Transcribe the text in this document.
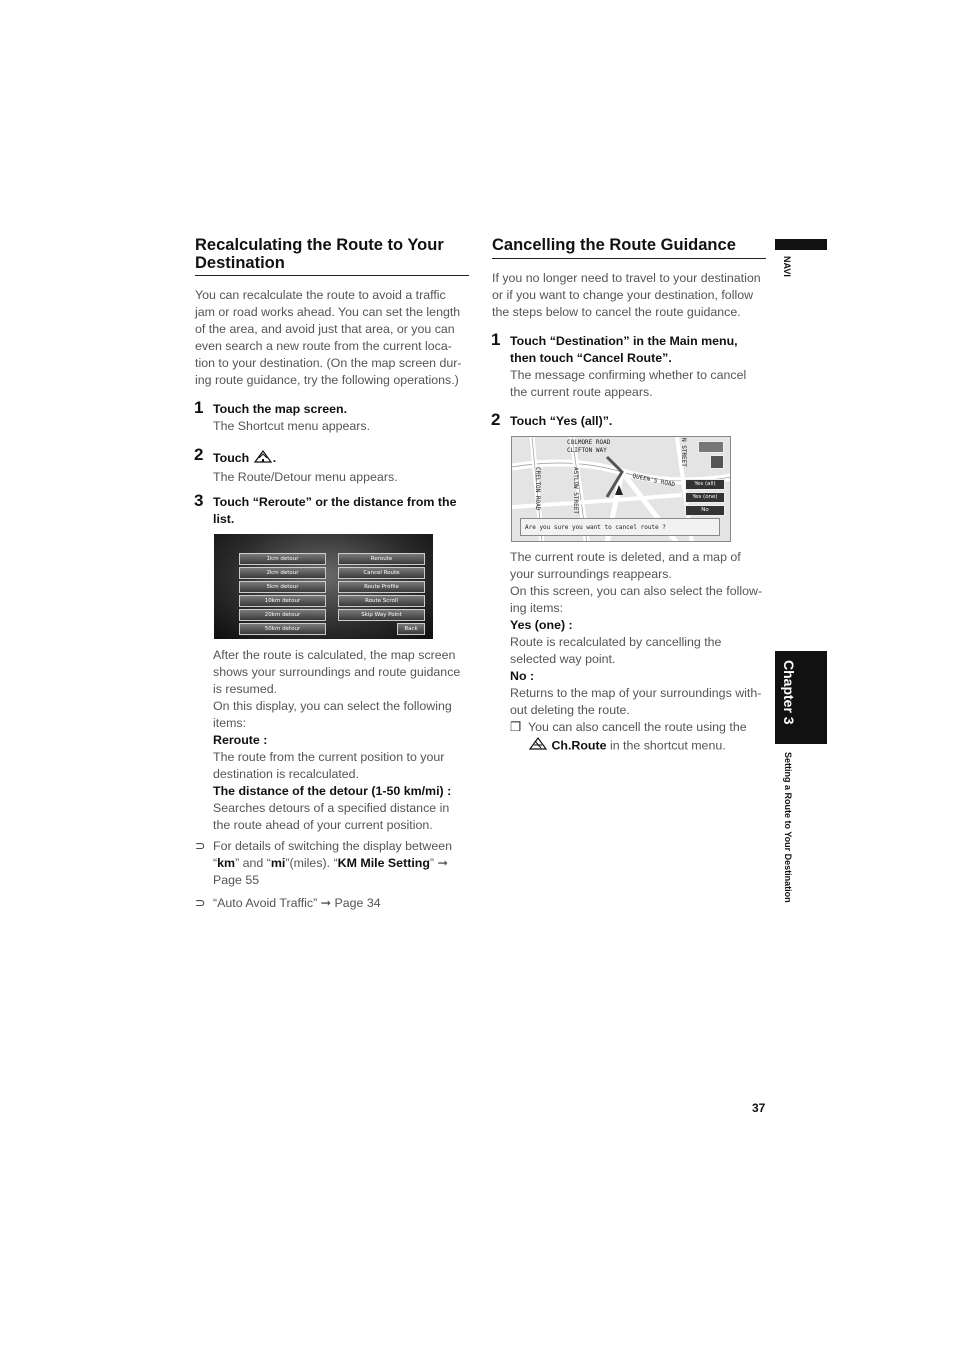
Recalculating the Route to Your Destination

You can recalculate the route to avoid a traffic

jam or road works ahead. You can set the length

of the area, and avoid just that area, or you can

even search a new route from the current loca-

tion to your destination. (On the map screen dur-

ing route guidance, try the following operations.)

1 Touch the map screen.
The Shortcut menu appears.
2 Touch .
The Route/Detour menu appears.
3 Touch “Reroute” or the distance from the
list.
1km detour
2km detour
5km detour
10km detour
20km detour
50km detour
Reroute
Cancel Route
Route Profile
Route Scroll
Skip Way Point
Back

After the route is calculated, the map screen

shows your surroundings and route guidance

is resumed.

On this display, you can select the following

items:

Reroute :

The route from the current position to your

destination is recalculated.

The distance of the detour (1-50 km/mi) :

Searches detours of a specified distance in

the route ahead of your current position.

⊃ For details of switching the display between
“km” and “mi”(miles). “KM Mile Setting” ➞
Page 55
⊃ “Auto Avoid Traffic” ➞ Page 34
Cancelling the Route Guidance

If you no longer need to travel to your destination

or if you want to change your destination, follow

the steps below to cancel the route guidance.

1 Touch “Destination” in the Main menu,
then touch “Cancel Route”.
The message confirming whether to cancel
the current route appears.
2 Touch “Yes (all)”.
CULMORE ROAD
CLIFTON WAY
CRELTON ROAD	ASTLOW STREET	QUEEN'S ROAD
N STREET
Yes (all)
Yes (one)
No
Are you sure you want to cancel route ?

The current route is deleted, and a map of

your surroundings reappears.

On this screen, you can also select the follow-

ing items:

Yes (one) :

Route is recalculated by cancelling the

selected way point.

No :

Returns to the map of your surroundings with-

out deleting the route.

❒ You can also cancell the route using the
Ch.Route in the shortcut menu.
NAVI
Chapter 3
Setting a Route to Your Destination
37
